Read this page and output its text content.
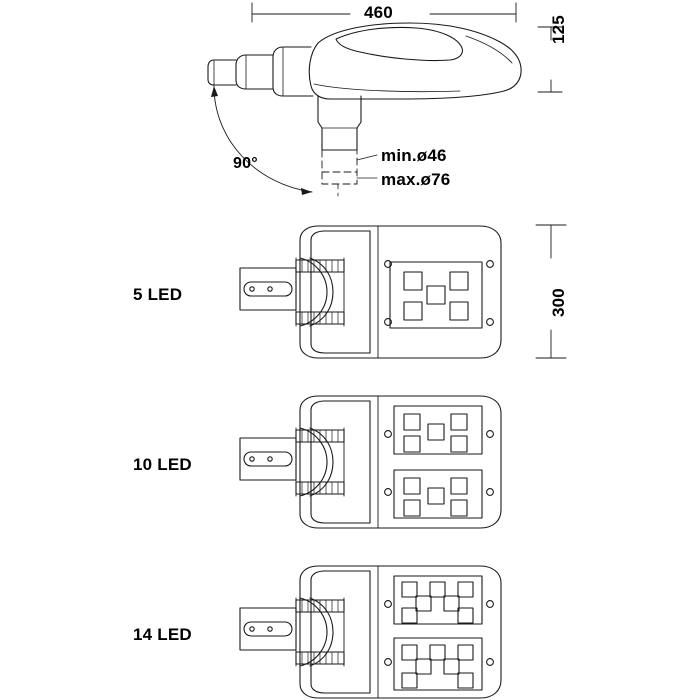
460
125
300
90°	min.ø46
max.ø76
5 LED
10 LED
14 LED
